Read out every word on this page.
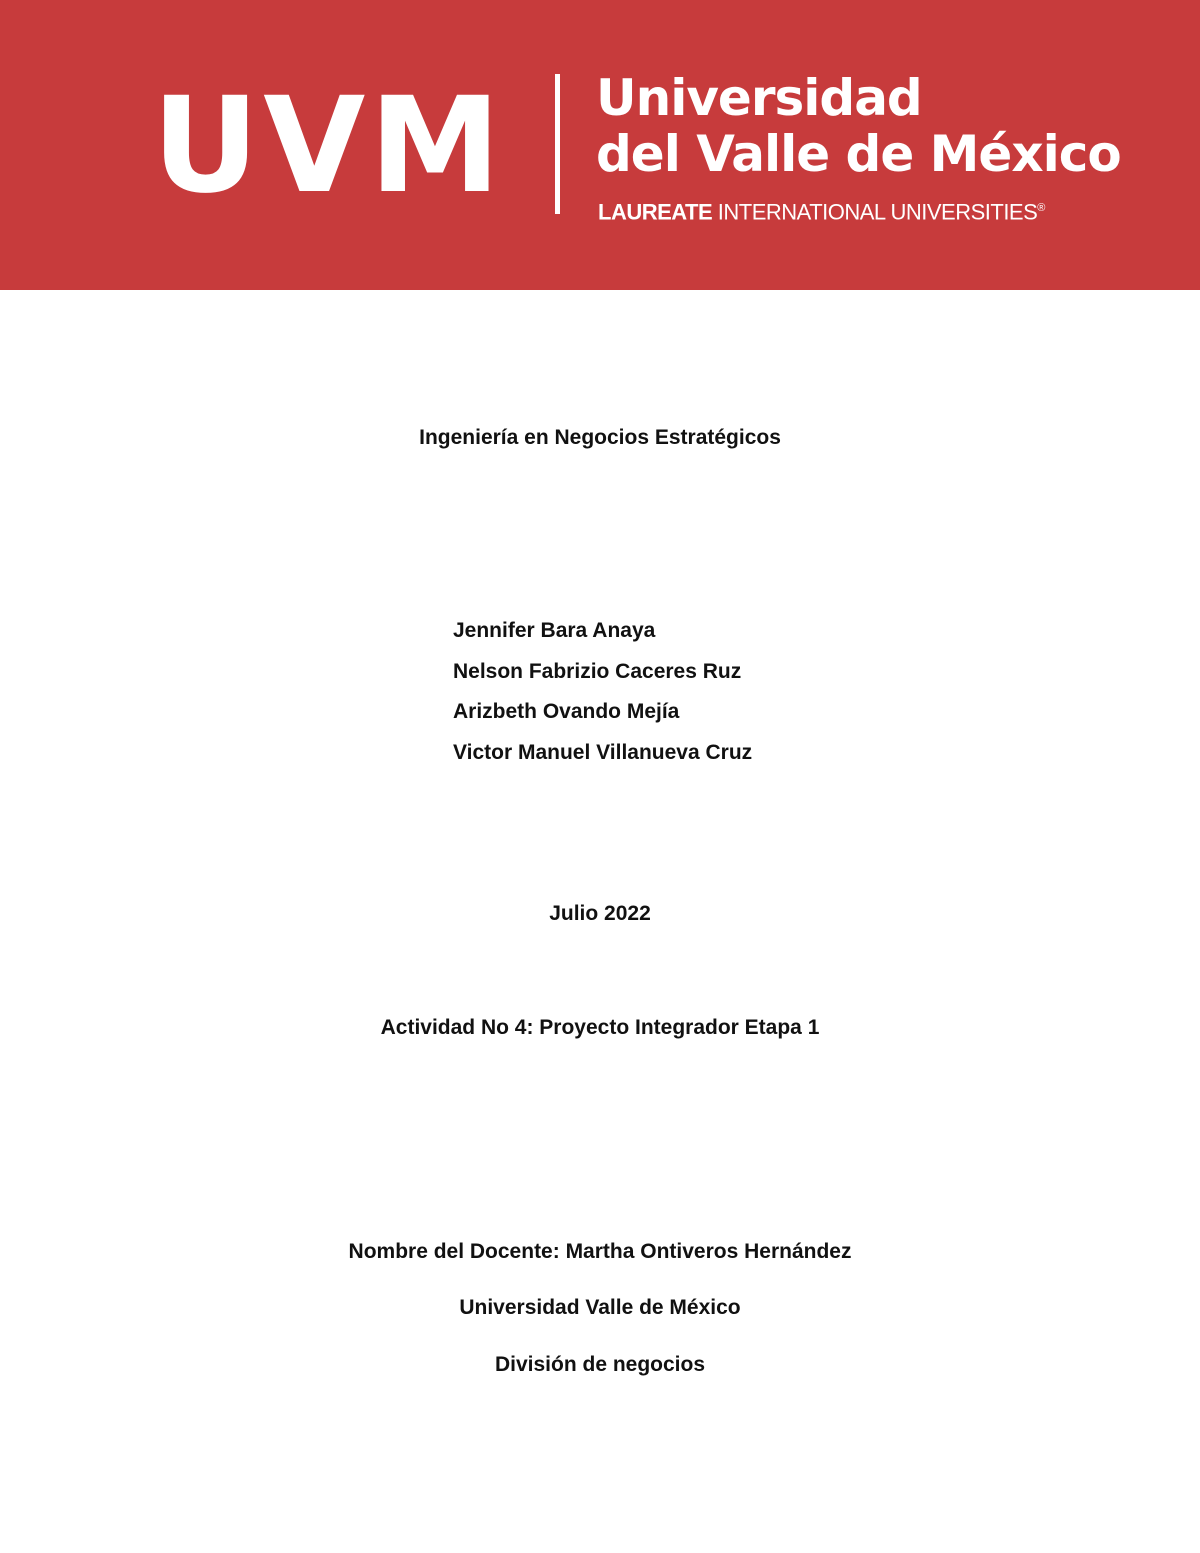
UVM Universidad
del Valle de México
LAUREATE INTERNATIONAL UNIVERSITIES®
Ingeniería en Negocios Estratégicos
Jennifer Bara Anaya
Nelson Fabrizio Caceres Ruz
Arizbeth Ovando Mejía
Victor Manuel Villanueva Cruz
Julio 2022
Actividad No 4: Proyecto Integrador Etapa 1
Nombre del Docente: Martha Ontiveros Hernández
Universidad Valle de México
División de negocios
